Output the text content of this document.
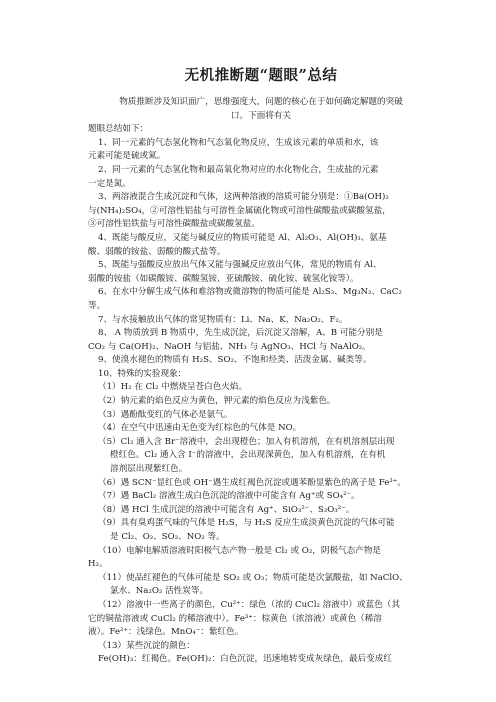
无机推断题“题眼”总结

物质推断涉及知识面广，思维强度大，问题的核心在于如何确定解题的突破

口。下面将有关

题眼总结如下：

1、同一元素的气态氢化物和气态氧化物反应，生成该元素的单质和水，该

元素可能是硫或氮。

2、同一元素的气态氢化物和最高氧化物对应的水化物化合，生成盐的元素

一定是氮。

3、两溶液混合生成沉淀和气体，这两种溶液的溶质可能分别是：①Ba(OH)₂

与(NH₄)₂SO₄，②可溶性铝盐与可溶性金属硫化物或可溶性碳酸盐或碳酸氢盐，

③可溶性铝铁盐与可溶性碳酸盐或碳酸氢盐。

4、既能与酸反应，又能与碱反应的物质可能是 Al、Al₂O₃、Al(OH)₃、氨基

酸、弱酸的铵盐、弱酸的酸式盐等。

5、既能与强酸反应放出气体又能与强碱反应放出气体，常见的物质有 Al、

弱酸的铵盐（如碳酸铵、碳酸氢铵、亚硫酸铵、硫化铵、硫氢化铵等）。

6、在水中分解生成气体和难溶物或微溶物的物质可能是 Al₂S₃、Mg₃N₂、CaC₂

等。

7、与水接触放出气体的常见物质有：Li、Na、K、Na₂O₂、F₂。

8、 A 物质放到 B 物质中，先生成沉淀，后沉淀又溶解，A、B 可能分别是

CO₂ 与 Ca(OH)₂、NaOH 与铝盐、NH₃ 与 AgNO₃、HCl 与 NaAlO₂。

9、使溴水褪色的物质有 H₂S、SO₂、不饱和烃类、活泼金属、碱类等。

10、特殊的实验现象：

（1）H₂ 在 Cl₂ 中燃烧呈苍白色火焰。

（2）钠元素的焰色反应为黄色，钾元素的焰色反应为浅紫色。

（3）遇酚酞变红的气体必是氨气。

（4）在空气中迅速由无色变为红棕色的气体是 NO。

（5）Cl₂ 通入含 Br⁻溶液中，会出现橙色；加入有机溶剂，在有机溶剂层出现

橙红色。Cl₂ 通入含 I⁻的溶液中，会出现深黄色，加入有机溶剂，在有机

溶剂层出现紫红色。

（6）遇 SCN⁻显红色或 OH⁻遇生成红褐色沉淀或遇苯酚显紫色的离子是 Fe³⁺。

（7）遇 BaCl₂ 溶液生成白色沉淀的溶液中可能含有 Ag⁺或 SO₄²⁻。

（8）遇 HCl 生成沉淀的溶液中可能含有 Ag⁺、SiO₃²⁻、S₂O₃²⁻。

（9）具有臭鸡蛋气味的气体是 H₂S，与 H₂S 反应生成淡黄色沉淀的气体可能

是 Cl₂、O₂、SO₂、NO₂ 等。

（10）电解电解质溶液时阳极气态产物一般是 Cl₂ 或 O₂，阴极气态产物是

H₂。

（11）使品红褪色的气体可能是 SO₂ 或 O₃；物质可能是次氯酸盐，如 NaClO、

氯水、Na₂O₂ 活性炭等。

（12）溶液中一些离子的颜色，Cu²⁺：绿色（浓的 CuCl₂ 溶液中）或蓝色（其

它的铜盐溶液或 CuCl₂ 的稀溶液中）。Fe³⁺：棕黄色（浓溶液）或黄色（稀溶

液）。Fe²⁺：浅绿色。MnO₄⁻：紫红色。

（13）某些沉淀的颜色：

Fe(OH)₃：红褐色。Fe(OH)₂：白色沉淀，迅速地转变成灰绿色，最后变成红
